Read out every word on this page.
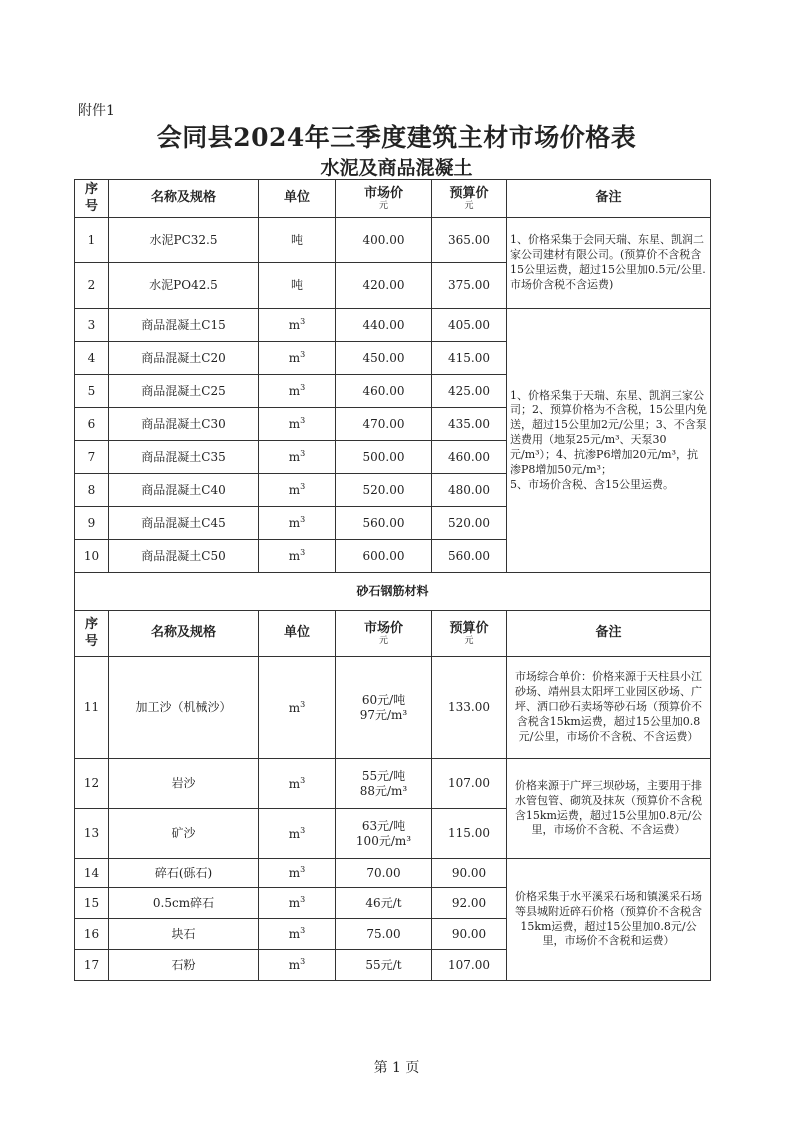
附件1
会同县2024年三季度建筑主材市场价格表
水泥及商品混凝土
序
号	名称及规格	单位	市场价
元	预算价
元	备注
1	水泥PC32.5	吨	400.00	365.00	1、价格采集于会同天瑞、东星、凯润二家公司建材有限公司。(预算价不含税含15公里运费，超过15公里加0.5元/公里.市场价含税不含运费)
2	水泥PO42.5	吨	420.00	375.00	
3	商品混凝土C15	$m^3$	440.00	405.00	1、价格采集于天瑞、东星、凯润三家公司；2、预算价格为不含税，15公里内免送，超过15公里加2元/公里；3、不含泵送费用（地泵25元/m³、天泵30元/m³）；4、抗渗P6增加20元/m³，抗渗P8增加50元/m³；　　　　　　　　　　5、市场价含税、含15公里运费。
4	商品混凝土C20	$m^3$	450.00	415.00	
5	商品混凝土C25	$m^3$	460.00	425.00	
6	商品混凝土C30	$m^3$	470.00	435.00	
7	商品混凝土C35	$m^3$	500.00	460.00	
8	商品混凝土C40	$m^3$	520.00	480.00	
9	商品混凝土C45	$m^3$	560.00	520.00	
10	商品混凝土C50	$m^3$	600.00	560.00	
砂石钢筋材料					
序
号	名称及规格	单位	市场价
元	预算价
元	备注
11	加工沙（机械沙）	$m^3$	60元/吨
97元/m³	133.00	市场综合单价：价格来源于天柱县小江砂场、靖州县太阳坪工业园区砂场、广坪、洒口砂石卖场等砂石场（预算价不含税含15km运费，超过15公里加0.8元/公里，市场价不含税、不含运费）
12	岩沙	$m^3$	55元/吨
88元/m³	107.00	价格来源于广坪三坝砂场，主要用于排水管包管、砌筑及抹灰（预算价不含税含15km运费，超过15公里加0.8元/公里，市场价不含税、不含运费）
13	矿沙	$m^3$	63元/吨
100元/m³	115.00	
14	碎石(砾石)	$m^3$	70.00	90.00	价格采集于水平溪采石场和镇溪采石场等县城附近碎石价格（预算价不含税含15km运费，超过15公里加0.8元/公里，市场价不含税和运费）
15	0.5cm碎石	$m^3$	46元/t	92.00	
16	块石	$m^3$	75.00	90.00	
17	石粉	$m^3$	55元/t	107.00	
第 1 页
